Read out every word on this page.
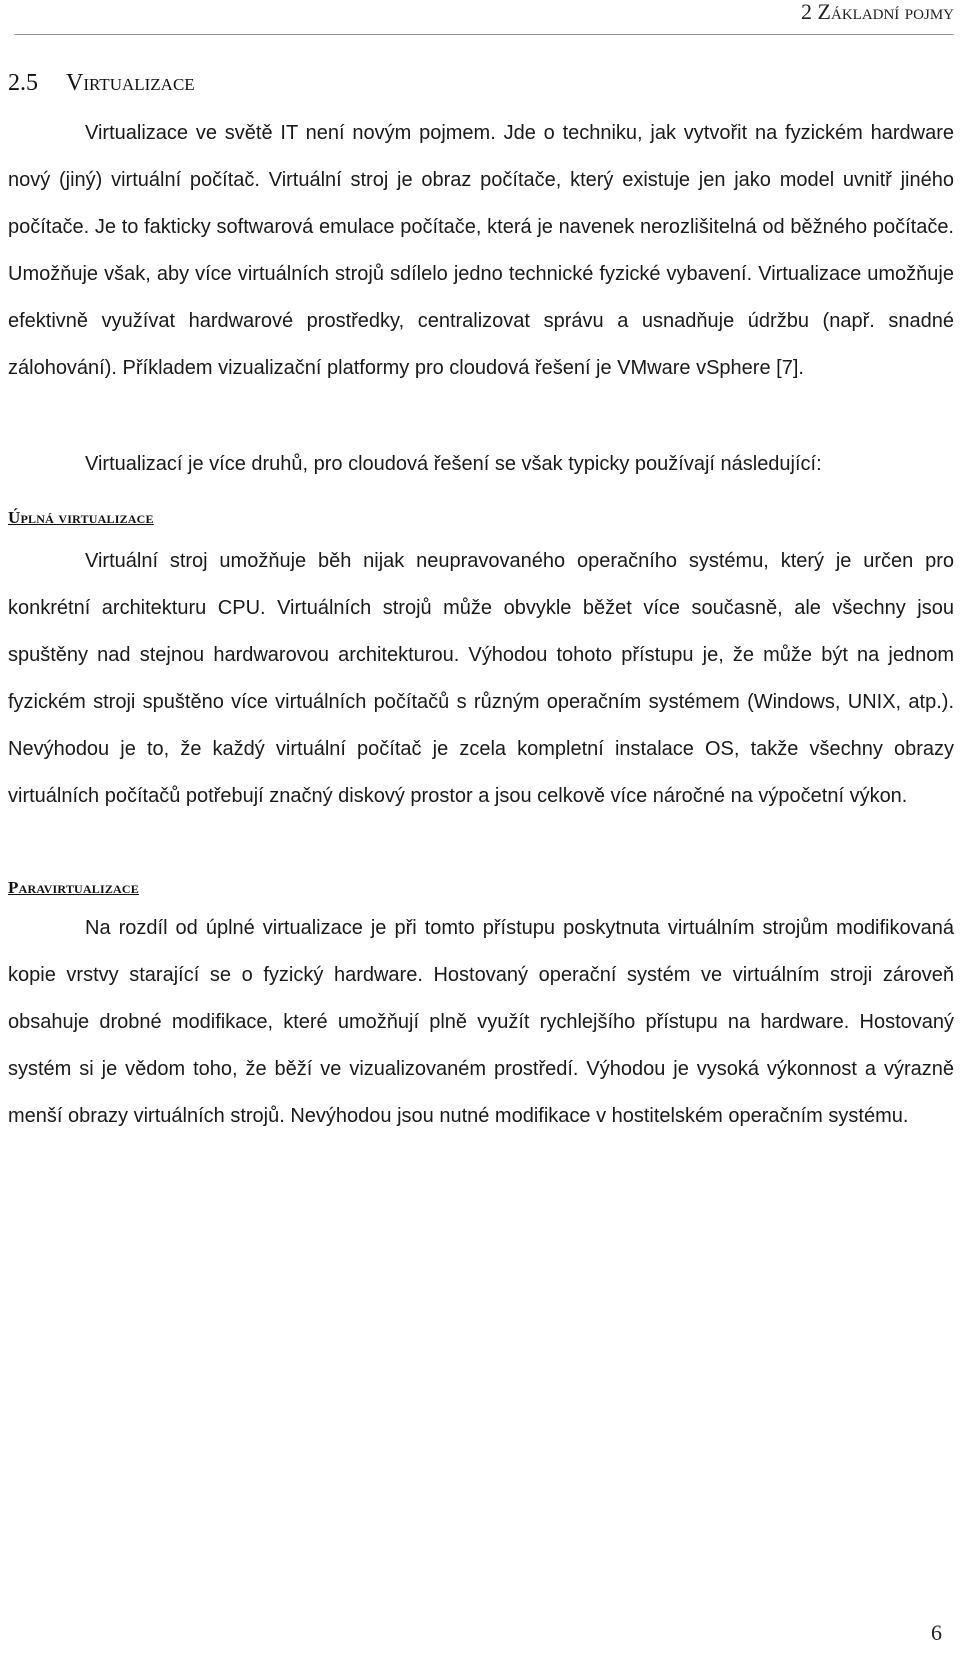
2 Základní pojmy
2.5 Virtualizace

Virtualizace ve světě IT není novým pojmem. Jde o techniku, jak vytvořit na fyzickém hardware nový (jiný) virtuální počítač. Virtuální stroj je obraz počítače, který existuje jen jako model uvnitř jiného počítače. Je to fakticky softwarová emulace počítače, která je navenek nerozlišitelná od běžného počítače. Umožňuje však, aby více virtuálních strojů sdílelo jedno technické fyzické vybavení. Virtualizace umožňuje efektivně využívat hardwarové prostředky, centralizovat správu a usnadňuje údržbu (např. snadné zálohování). Příkladem vizualizační platformy pro cloudová řešení je VMware vSphere [7].

Virtualizací je více druhů, pro cloudová řešení se však typicky používají následující:

Úplná virtualizace

Virtuální stroj umožňuje běh nijak neupravovaného operačního systému, který je určen pro konkrétní architekturu CPU. Virtuálních strojů může obvykle běžet více současně, ale všechny jsou spuštěny nad stejnou hardwarovou architekturou. Výhodou tohoto přístupu je, že může být na jednom fyzickém stroji spuštěno více virtuálních počítačů s různým operačním systémem (Windows, UNIX, atp.). Nevýhodou je to, že každý virtuální počítač je zcela kompletní instalace OS, takže všechny obrazy virtuálních počítačů potřebují značný diskový prostor a jsou celkově více náročné na výpočetní výkon.

Paravirtualizace

Na rozdíl od úplné virtualizace je při tomto přístupu poskytnuta virtuálním strojům modifikovaná kopie vrstvy starající se o fyzický hardware. Hostovaný operační systém ve virtuálním stroji zároveň obsahuje drobné modifikace, které umožňují plně využít rychlejšího přístupu na hardware. Hostovaný systém si je vědom toho, že běží ve vizualizovaném prostředí. Výhodou je vysoká výkonnost a výrazně menší obrazy virtuálních strojů. Nevýhodou jsou nutné modifikace v hostitelském operačním systému.

6
